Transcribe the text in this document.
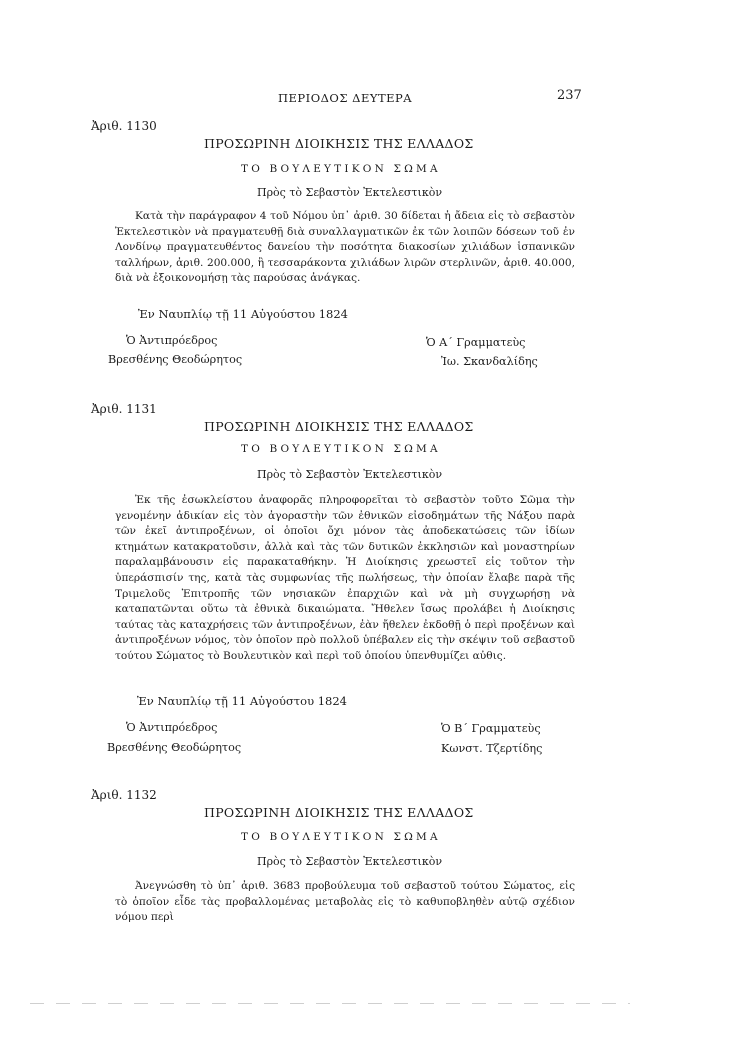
ΠΕΡΙΟΔΟΣ ΔΕΥΤΕΡΑ	237
Ἀριθ. 1130
ΠΡΟΣΩΡΙΝΗ ΔΙΟΙΚΗΣΙΣ ΤΗΣ ΕΛΛΑΔΟΣ
ΤΟ ΒΟΥΛΕΥΤΙΚΟΝ ΣΩΜΑ
Πρὸς τὸ Σεβαστὸν Ἐκτελεστικὸν

Κατὰ τὴν παράγραφον 4 τοῦ Νόμου ὑπ᾽ ἀριθ. 30 δίδεται ἡ ἄδεια εἰς τὸ σεβαστὸν Ἐκτελεστικὸν νὰ πραγματευθῇ διὰ συναλλαγματικῶν ἐκ τῶν λοιπῶν δόσεων τοῦ ἐν Λονδίνῳ πραγματευθέντος δανείου τὴν ποσότητα διακοσίων χιλιάδων ἱσπανικῶν ταλλήρων, ἀριθ. 200.000, ἢ τεσσαράκοντα χιλιάδων λιρῶν στερλινῶν, ἀριθ. 40.000, διὰ νὰ ἐξοικονομήσῃ τὰς παρούσας ἀνάγκας.

Ἐν Ναυπλίῳ τῇ 11 Αὐγούστου 1824
Ὁ Ἀντιπρόεδρος
Βρεσθένης Θεοδώρητος
Ὁ Α´ Γραμματεὺς
Ἰω. Σκανδαλίδης
Ἀριθ. 1131
ΠΡΟΣΩΡΙΝΗ ΔΙΟΙΚΗΣΙΣ ΤΗΣ ΕΛΛΑΔΟΣ
ΤΟ ΒΟΥΛΕΥΤΙΚΟΝ ΣΩΜΑ
Πρὸς τὸ Σεβαστὸν Ἐκτελεστικὸν

Ἐκ τῆς ἐσωκλείστου ἀναφορᾶς πληροφορεῖται τὸ σεβαστὸν τοῦτο Σῶμα τὴν γενομένην ἀδικίαν εἰς τὸν ἀγοραστὴν τῶν ἐθνικῶν εἰσοδημάτων τῆς Νάξου παρὰ τῶν ἐκεῖ ἀντιπροξένων, οἱ ὁποῖοι ὄχι μόνον τὰς ἀποδεκατώσεις τῶν ἰδίων κτημάτων κατακρατοῦσιν, ἀλλὰ καὶ τὰς τῶν δυτικῶν ἐκκλησιῶν καὶ μοναστηρίων παραλαμβάνουσιν εἰς παρακαταθήκην. Ἡ Διοίκησις χρεωστεῖ εἰς τοῦτον τὴν ὑπεράσπισίν της, κατὰ τὰς συμφωνίας τῆς πωλήσεως, τὴν ὁποίαν ἔλαβε παρὰ τῆς Τριμελοῦς Ἐπιτροπῆς τῶν νησιακῶν ἐπαρχιῶν καὶ νὰ μὴ συγχωρήσῃ νὰ καταπατῶνται οὕτω τὰ ἐθνικὰ δικαιώματα. Ἤθελεν ἴσως προλάβει ἡ Διοίκησις ταύτας τὰς καταχρήσεις τῶν ἀντιπροξένων, ἐὰν ἤθελεν ἐκδοθῇ ὁ περὶ προξένων καὶ ἀντιπροξένων νόμος, τὸν ὁποῖον πρὸ πολλοῦ ὑπέβαλεν εἰς τὴν σκέψιν τοῦ σεβαστοῦ τούτου Σώματος τὸ Βουλευτικὸν καὶ περὶ τοῦ ὁποίου ὑπενθυμίζει αὐθις.

Ἐν Ναυπλίῳ τῇ 11 Αὐγούστου 1824
Ὁ Ἀντιπρόεδρος
Βρεσθένης Θεοδώρητος
Ὁ Β´ Γραμματεὺς
Κωνστ. Τζερτίδης
Ἀριθ. 1132
ΠΡΟΣΩΡΙΝΗ ΔΙΟΙΚΗΣΙΣ ΤΗΣ ΕΛΛΑΔΟΣ
ΤΟ ΒΟΥΛΕΥΤΙΚΟΝ ΣΩΜΑ
Πρὸς τὸ Σεβαστὸν Ἐκτελεστικὸν

Ἀνεγνώσθη τὸ ὑπ᾽ ἀριθ. 3683 προβούλευμα τοῦ σεβαστοῦ τούτου Σώματος, εἰς τὸ ὁποῖον εἶδε τὰς προβαλλομένας μεταβολὰς εἰς τὸ καθυποβληθὲν αὐτῷ σχέδιον νόμου περὶ
